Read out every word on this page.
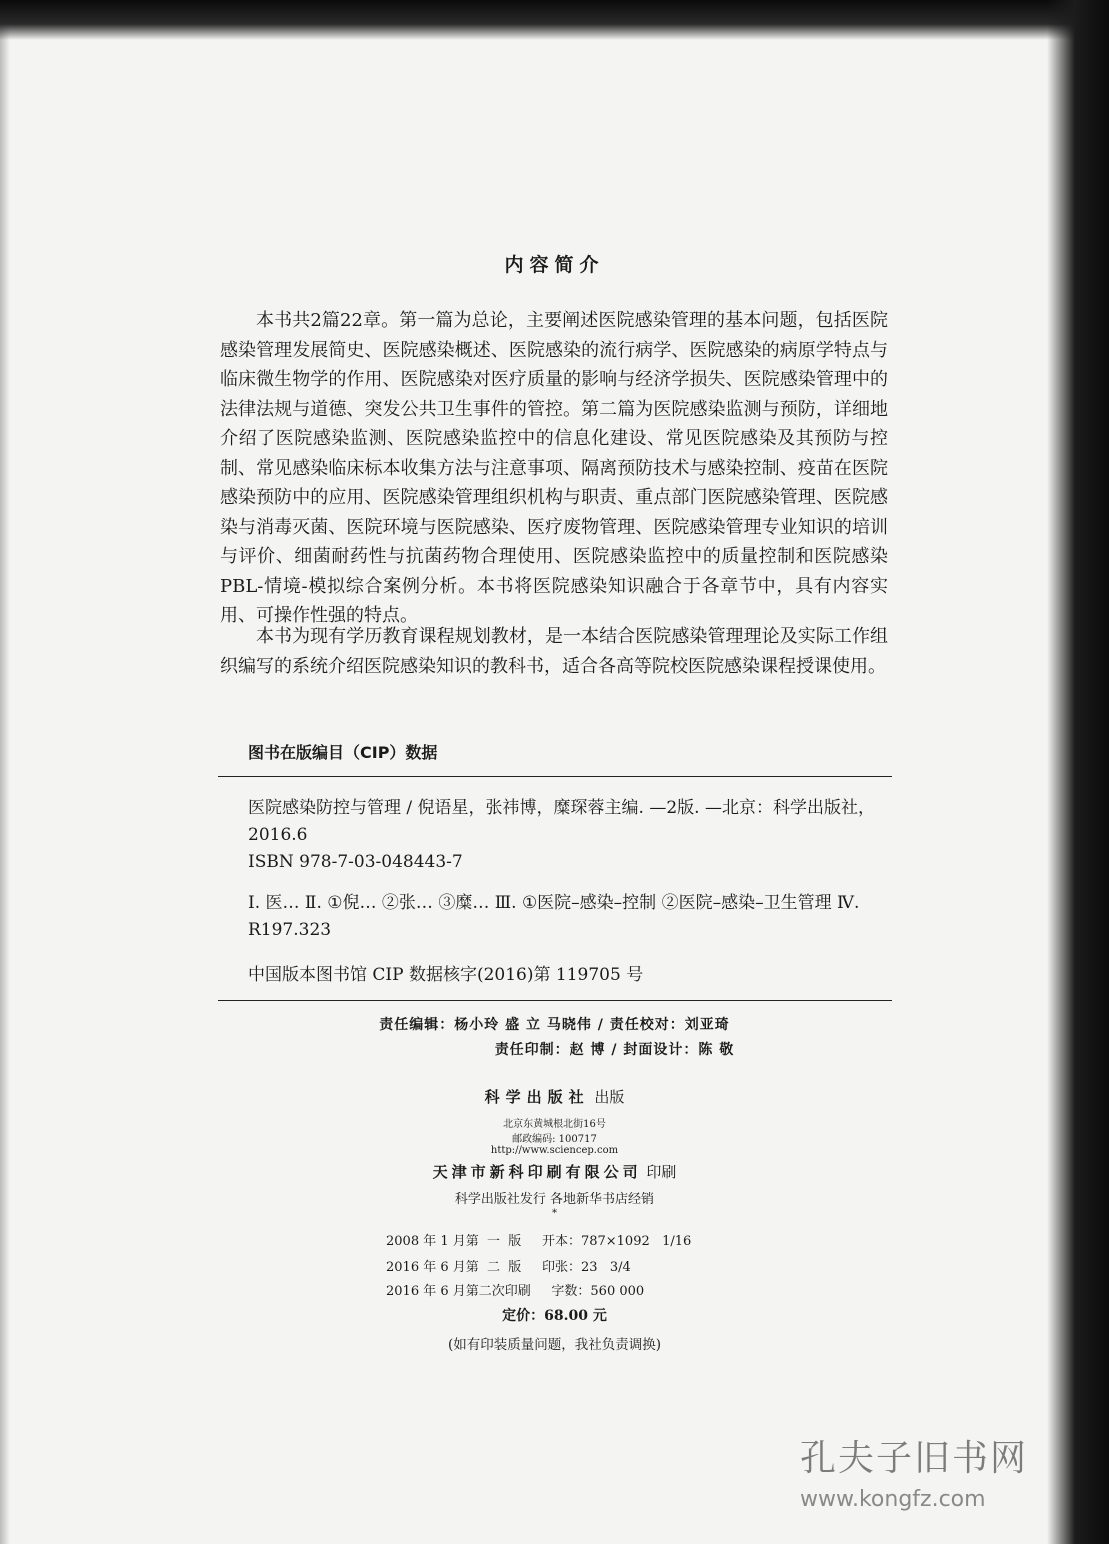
内容简介

本书共2篇22章。第一篇为总论，主要阐述医院感染管理的基本问题，包括医院感染管理发展简史、医院感染概述、医院感染的流行病学、医院感染的病原学特点与临床微生物学的作用、医院感染对医疗质量的影响与经济学损失、医院感染管理中的法律法规与道德、突发公共卫生事件的管控。第二篇为医院感染监测与预防，详细地介绍了医院感染监测、医院感染监控中的信息化建设、常见医院感染及其预防与控制、常见感染临床标本收集方法与注意事项、隔离预防技术与感染控制、疫苗在医院感染预防中的应用、医院感染管理组织机构与职责、重点部门医院感染管理、医院感染与消毒灭菌、医院环境与医院感染、医疗废物管理、医院感染管理专业知识的培训与评价、细菌耐药性与抗菌药物合理使用、医院感染监控中的质量控制和医院感染PBL-情境-模拟综合案例分析。本书将医院感染知识融合于各章节中，具有内容实用、可操作性强的特点。

本书为现有学历教育课程规划教材，是一本结合医院感染管理理论及实际工作组织编写的系统介绍医院感染知识的教科书，适合各高等院校医院感染课程授课使用。

图书在版编目（CIP）数据

医院感染防控与管理 / 倪语星，张祎博，糜琛蓉主编. —2版. —北京：科学出版社，2016.6

ISBN 978-7-03-048443-7

Ⅰ. 医… Ⅱ. ①倪… ②张… ③糜… Ⅲ. ①医院–感染–控制 ②医院–感染–卫生管理 Ⅳ. R197.323

中国版本图书馆 CIP 数据核字(2016)第 119705 号

责任编辑：杨小玲 盛 立 马晓伟 / 责任校对：刘亚琦
责任印制：赵 博 / 封面设计：陈 敬
科学出版社 出版
北京东黄城根北街16号
邮政编码: 100717
http://www.sciencep.com
天津市新科印刷有限公司 印刷
科学出版社发行 各地新华书店经销
*
2008 年 1 月第  一  版     开本：787×1092   1/16
2016 年 6 月第  二  版     印张：23   3/4
2016 年 6 月第二次印刷     字数：560 000
定价：68.00 元
(如有印装质量问题，我社负责调换)
孔夫子旧书网
www.kongfz.com
